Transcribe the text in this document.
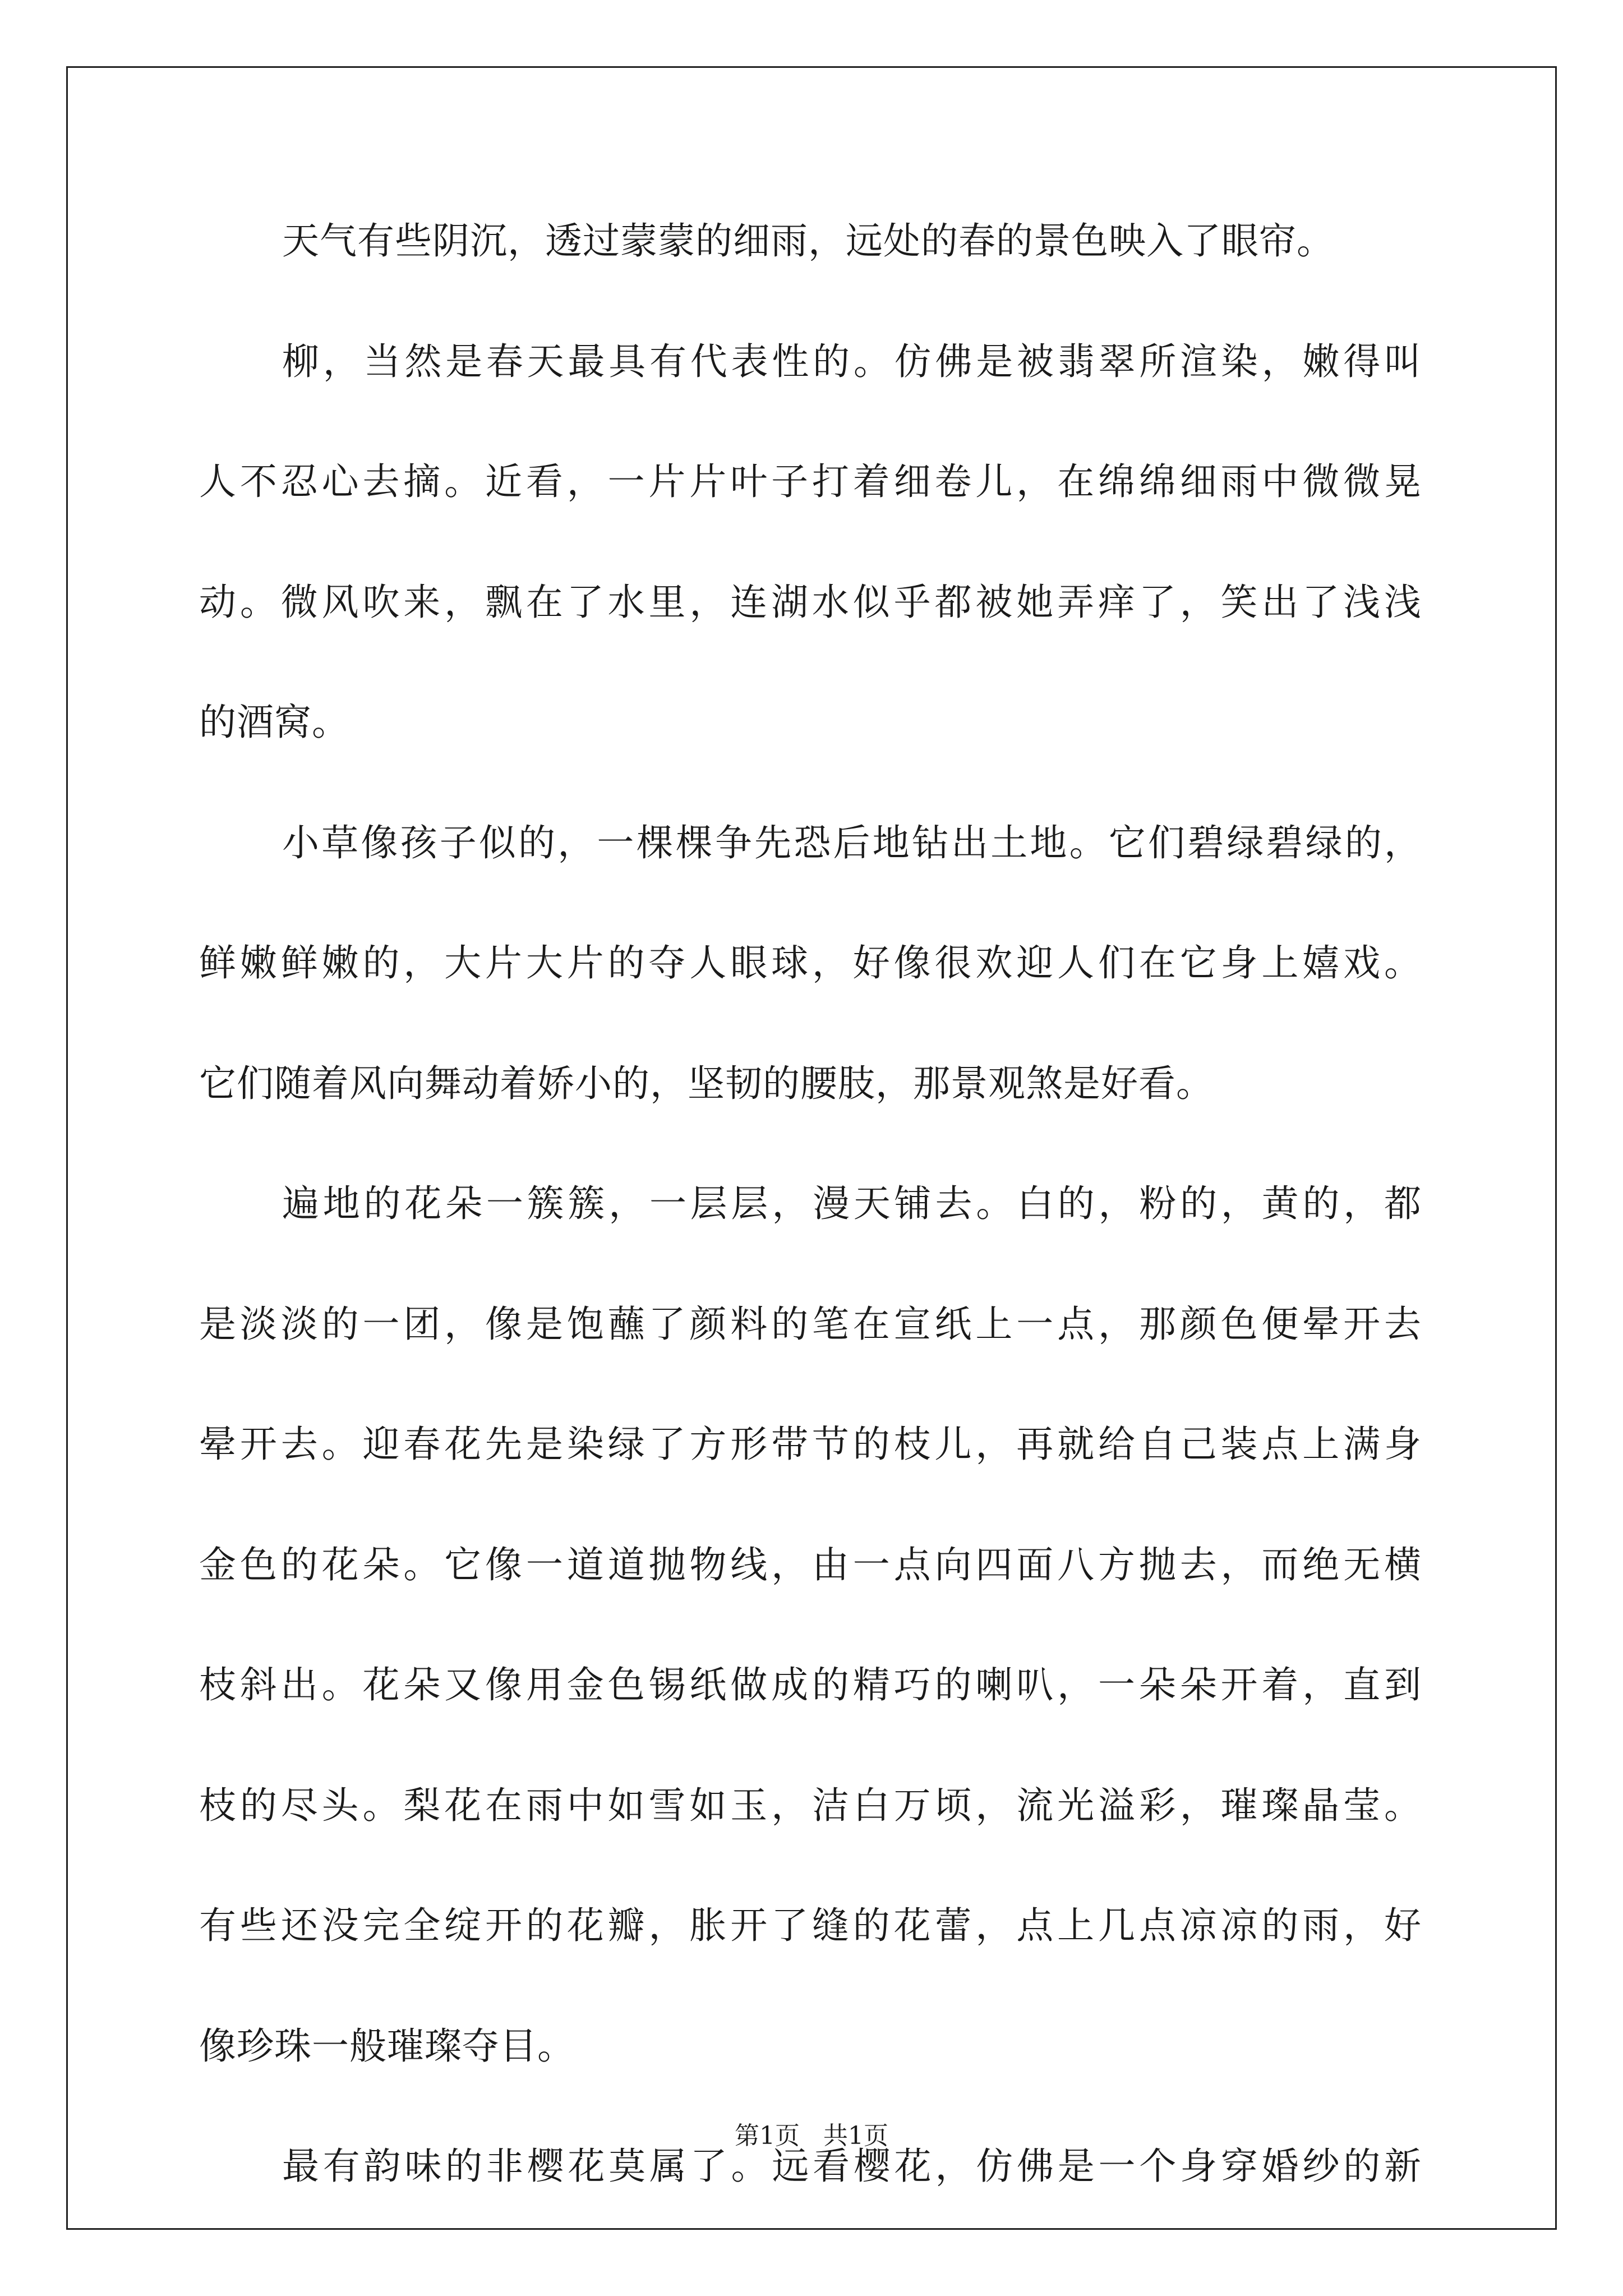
天气有些阴沉，透过蒙蒙的细雨，远处的春的景色映入了眼帘。
柳，当然是春天最具有代表性的。仿佛是被翡翠所渲染，嫩得叫
人不忍心去摘。近看，一片片叶子打着细卷儿，在绵绵细雨中微微晃
动。微风吹来，飘在了水里，连湖水似乎都被她弄痒了，笑出了浅浅
的酒窝。
小草像孩子似的，一棵棵争先恐后地钻出土地。它们碧绿碧绿的，
鲜嫩鲜嫩的，大片大片的夺人眼球，好像很欢迎人们在它身上嬉戏。
它们随着风向舞动着娇小的，坚韧的腰肢，那景观煞是好看。
遍地的花朵一簇簇，一层层，漫天铺去。白的，粉的，黄的，都
是淡淡的一团，像是饱蘸了颜料的笔在宣纸上一点，那颜色便晕开去
晕开去。迎春花先是染绿了方形带节的枝儿，再就给自己装点上满身
金色的花朵。它像一道道抛物线，由一点向四面八方抛去，而绝无横
枝斜出。花朵又像用金色锡纸做成的精巧的喇叭，一朵朵开着，直到
枝的尽头。梨花在雨中如雪如玉，洁白万顷，流光溢彩，璀璨晶莹。
有些还没完全绽开的花瓣，胀开了缝的花蕾，点上几点凉凉的雨，好
像珍珠一般璀璨夺目。
最有韵味的非樱花莫属了。远看樱花，仿佛是一个身穿婚纱的新
第1页   共1页
